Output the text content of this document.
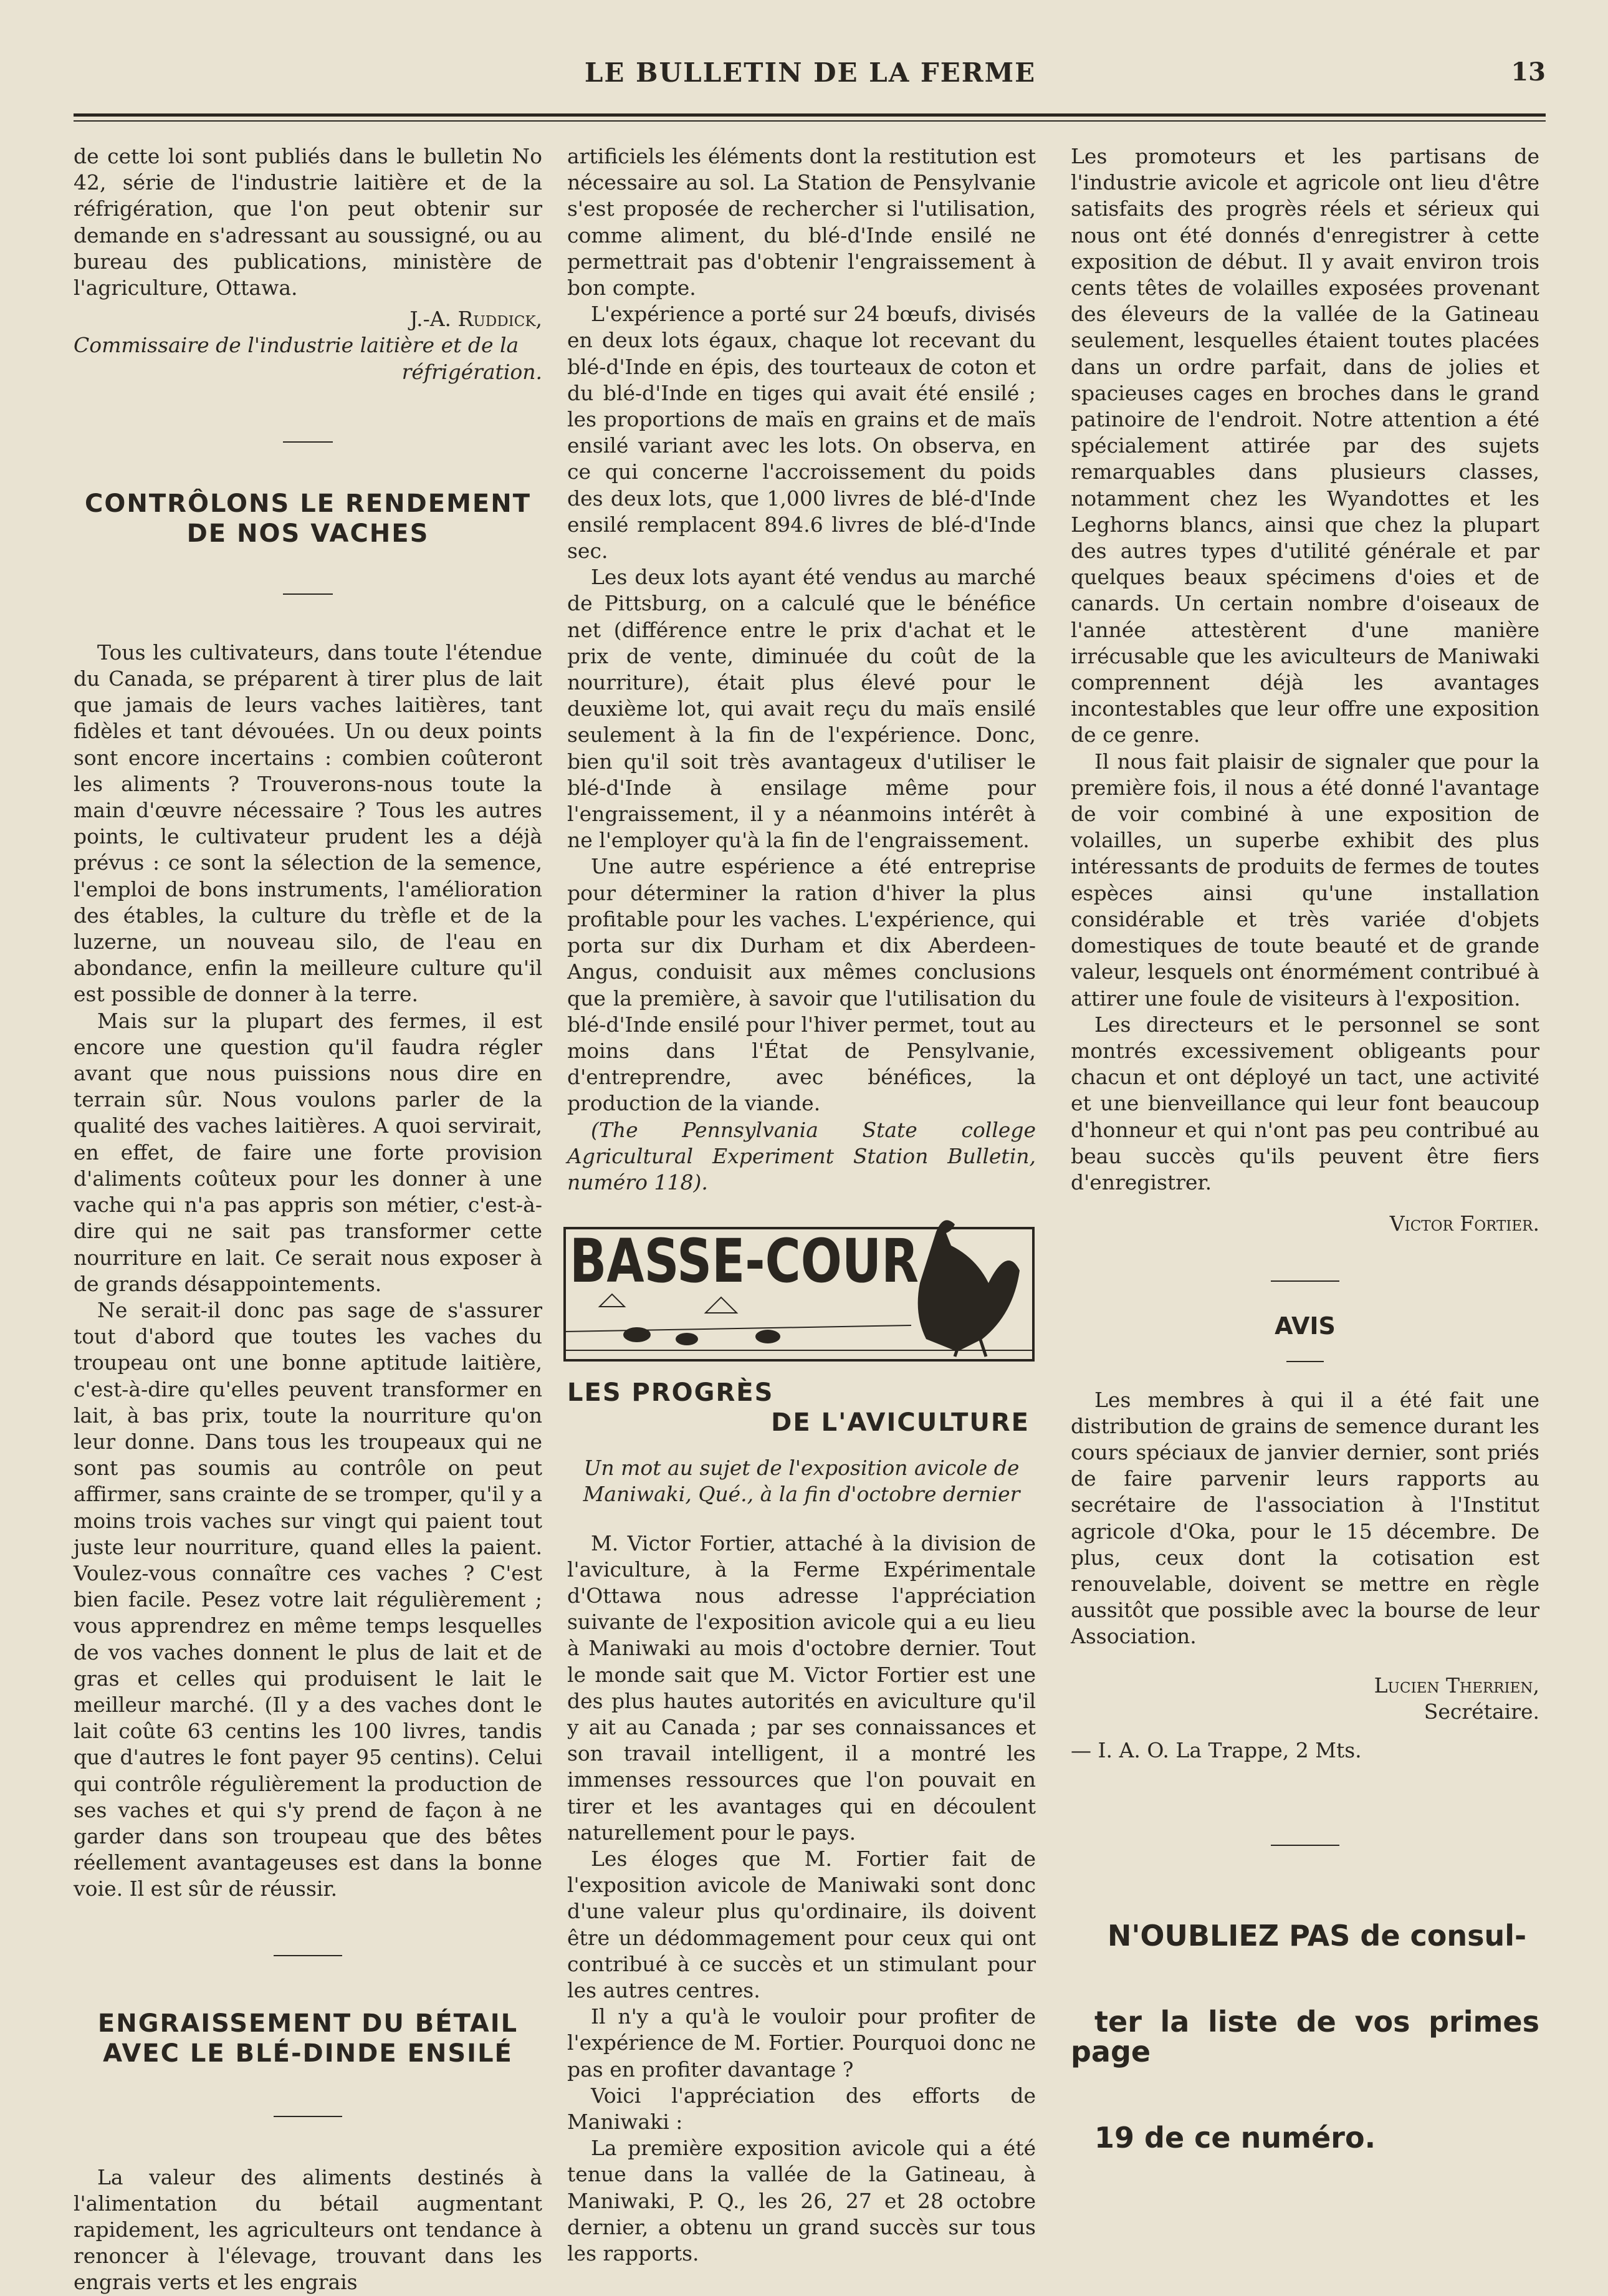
LE BULLETIN DE LA FERME	13

de cette loi sont publiés dans le bulletin No 42, série de l'industrie laitière et de la réfrigération, que l'on peut obtenir sur demande en s'adressant au soussigné, ou au bureau des publications, ministère de l'agriculture, Ottawa.

J.-A. Ruddick,
Commissaire de l'industrie laitière et de la
réfrigération.
CONTRÔLONS LE RENDEMENT
DE NOS VACHES

Tous les cultivateurs, dans toute l'étendue du Canada, se préparent à tirer plus de lait que jamais de leurs vaches laitières, tant fidèles et tant dévouées. Un ou deux points sont encore incertains : combien coûteront les aliments ? Trouverons-nous toute la main d'œuvre nécessaire ? Tous les autres points, le cultivateur prudent les a déjà prévus : ce sont la sélection de la semence, l'emploi de bons instruments, l'amélioration des étables, la culture du trèfle et de la luzerne, un nouveau silo, de l'eau en abondance, enfin la meilleure culture qu'il est possible de donner à la terre.

Mais sur la plupart des fermes, il est encore une question qu'il faudra régler avant que nous puissions nous dire en terrain sûr. Nous voulons parler de la qualité des vaches laitières. A quoi servirait, en effet, de faire une forte provision d'aliments coûteux pour les donner à une vache qui n'a pas appris son métier, c'est-à-dire qui ne sait pas transformer cette nourriture en lait. Ce serait nous exposer à de grands désappointements.

Ne serait-il donc pas sage de s'assurer tout d'abord que toutes les vaches du troupeau ont une bonne aptitude laitière, c'est-à-dire qu'elles peuvent transformer en lait, à bas prix, toute la nourriture qu'on leur donne. Dans tous les troupeaux qui ne sont pas soumis au contrôle on peut affirmer, sans crainte de se tromper, qu'il y a moins trois vaches sur vingt qui paient tout juste leur nourriture, quand elles la paient. Voulez-vous connaître ces vaches ? C'est bien facile. Pesez votre lait régulièrement ; vous apprendrez en même temps lesquelles de vos vaches donnent le plus de lait et de gras et celles qui produisent le lait le meilleur marché. (Il y a des vaches dont le lait coûte 63 centins les 100 livres, tandis que d'autres le font payer 95 centins). Celui qui contrôle régulièrement la production de ses vaches et qui s'y prend de façon à ne garder dans son troupeau que des bêtes réellement avantageuses est dans la bonne voie. Il est sûr de réussir.

ENGRAISSEMENT DU BÉTAIL
AVEC LE BLÉ-DINDE ENSILÉ

La valeur des aliments destinés à l'alimentation du bétail augmentant rapidement, les agriculteurs ont tendance à renoncer à l'élevage, trouvant dans les engrais verts et les engrais

artificiels les éléments dont la restitution est nécessaire au sol. La Station de Pensylvanie s'est proposée de rechercher si l'utilisation, comme aliment, du blé-d'Inde ensilé ne permettrait pas d'obtenir l'engraissement à bon compte.

L'expérience a porté sur 24 bœufs, divisés en deux lots égaux, chaque lot recevant du blé-d'Inde en épis, des tourteaux de coton et du blé-d'Inde en tiges qui avait été ensilé ; les proportions de maïs en grains et de maïs ensilé variant avec les lots. On observa, en ce qui concerne l'accroissement du poids des deux lots, que 1,000 livres de blé-d'Inde ensilé remplacent 894.6 livres de blé-d'Inde sec.

Les deux lots ayant été vendus au marché de Pittsburg, on a calculé que le bénéfice net (différence entre le prix d'achat et le prix de vente, diminuée du coût de la nourriture), était plus élevé pour le deuxième lot, qui avait reçu du maïs ensilé seulement à la fin de l'expérience. Donc, bien qu'il soit très avantageux d'utiliser le blé-d'Inde à ensilage même pour l'engraissement, il y a néanmoins intérêt à ne l'employer qu'à la fin de l'engraissement.

Une autre espérience a été entreprise pour déterminer la ration d'hiver la plus profitable pour les vaches. L'expérience, qui porta sur dix Durham et dix Aberdeen-Angus, conduisit aux mêmes conclusions que la première, à savoir que l'utilisation du blé-d'Inde ensilé pour l'hiver permet, tout au moins dans l'État de Pensylvanie, d'entreprendre, avec bénéfices, la production de la viande.

(The Pennsylvania State college Agricultural Experiment Station Bulletin, numéro 118).

BASSE-COUR
LES PROGRÈS

DE L'AVICULTURE
Un mot au sujet de l'exposition avicole de Maniwaki, Qué., à la fin d'octobre dernier

M. Victor Fortier, attaché à la division de l'aviculture, à la Ferme Expérimentale d'Ottawa nous adresse l'appréciation suivante de l'exposition avicole qui a eu lieu à Maniwaki au mois d'octobre dernier. Tout le monde sait que M. Victor Fortier est une des plus hautes autorités en aviculture qu'il y ait au Canada ; par ses connaissances et son travail intelligent, il a montré les immenses ressources que l'on pouvait en tirer et les avantages qui en découlent naturellement pour le pays.

Les éloges que M. Fortier fait de l'exposition avicole de Maniwaki sont donc d'une valeur plus qu'ordinaire, ils doivent être un dédommagement pour ceux qui ont contribué à ce succès et un stimulant pour les autres centres.

Il n'y a qu'à le vouloir pour profiter de l'expérience de M. Fortier. Pourquoi donc ne pas en profiter davantage ?

Voici l'appréciation des efforts de Maniwaki :

La première exposition avicole qui a été tenue dans la vallée de la Gatineau, à Maniwaki, P. Q., les 26, 27 et 28 octobre dernier, a obtenu un grand succès sur tous les rapports.

Les promoteurs et les partisans de l'industrie avicole et agricole ont lieu d'être satisfaits des progrès réels et sérieux qui nous ont été donnés d'enregistrer à cette exposition de début. Il y avait environ trois cents têtes de volailles exposées provenant des éleveurs de la vallée de la Gatineau seulement, lesquelles étaient toutes placées dans un ordre parfait, dans de jolies et spacieuses cages en broches dans le grand patinoire de l'endroit. Notre attention a été spécialement attirée par des sujets remarquables dans plusieurs classes, notamment chez les Wyandottes et les Leghorns blancs, ainsi que chez la plupart des autres types d'utilité générale et par quelques beaux spécimens d'oies et de canards. Un certain nombre d'oiseaux de l'année attestèrent d'une manière irrécusable que les aviculteurs de Maniwaki comprennent déjà les avantages incontestables que leur offre une exposition de ce genre.

Il nous fait plaisir de signaler que pour la première fois, il nous a été donné l'avantage de voir combiné à une exposition de volailles, un superbe exhibit des plus intéressants de produits de fermes de toutes espèces ainsi qu'une installation considérable et très variée d'objets domestiques de toute beauté et de grande valeur, lesquels ont énormément contribué à attirer une foule de visiteurs à l'exposition.

Les directeurs et le personnel se sont montrés excessivement obligeants pour chacun et ont déployé un tact, une activité et une bienveillance qui leur font beaucoup d'honneur et qui n'ont pas peu contribué au beau succès qu'ils peuvent être fiers d'enregistrer.

Victor Fortier.
AVIS

Les membres à qui il a été fait une distribution de grains de semence durant les cours spéciaux de janvier dernier, sont priés de faire parvenir leurs rapports au secrétaire de l'association à l'Institut agricole d'Oka, pour le 15 décembre. De plus, ceux dont la cotisation est renouvelable, doivent se mettre en règle aussitôt que possible avec la bourse de leur Association.

Lucien Therrien,
Secrétaire.
— I. A. O. La Trappe, 2 Mts.

N'OUBLIEZ PAS de consul-

ter la liste de vos primes page

19 de ce numéro.
